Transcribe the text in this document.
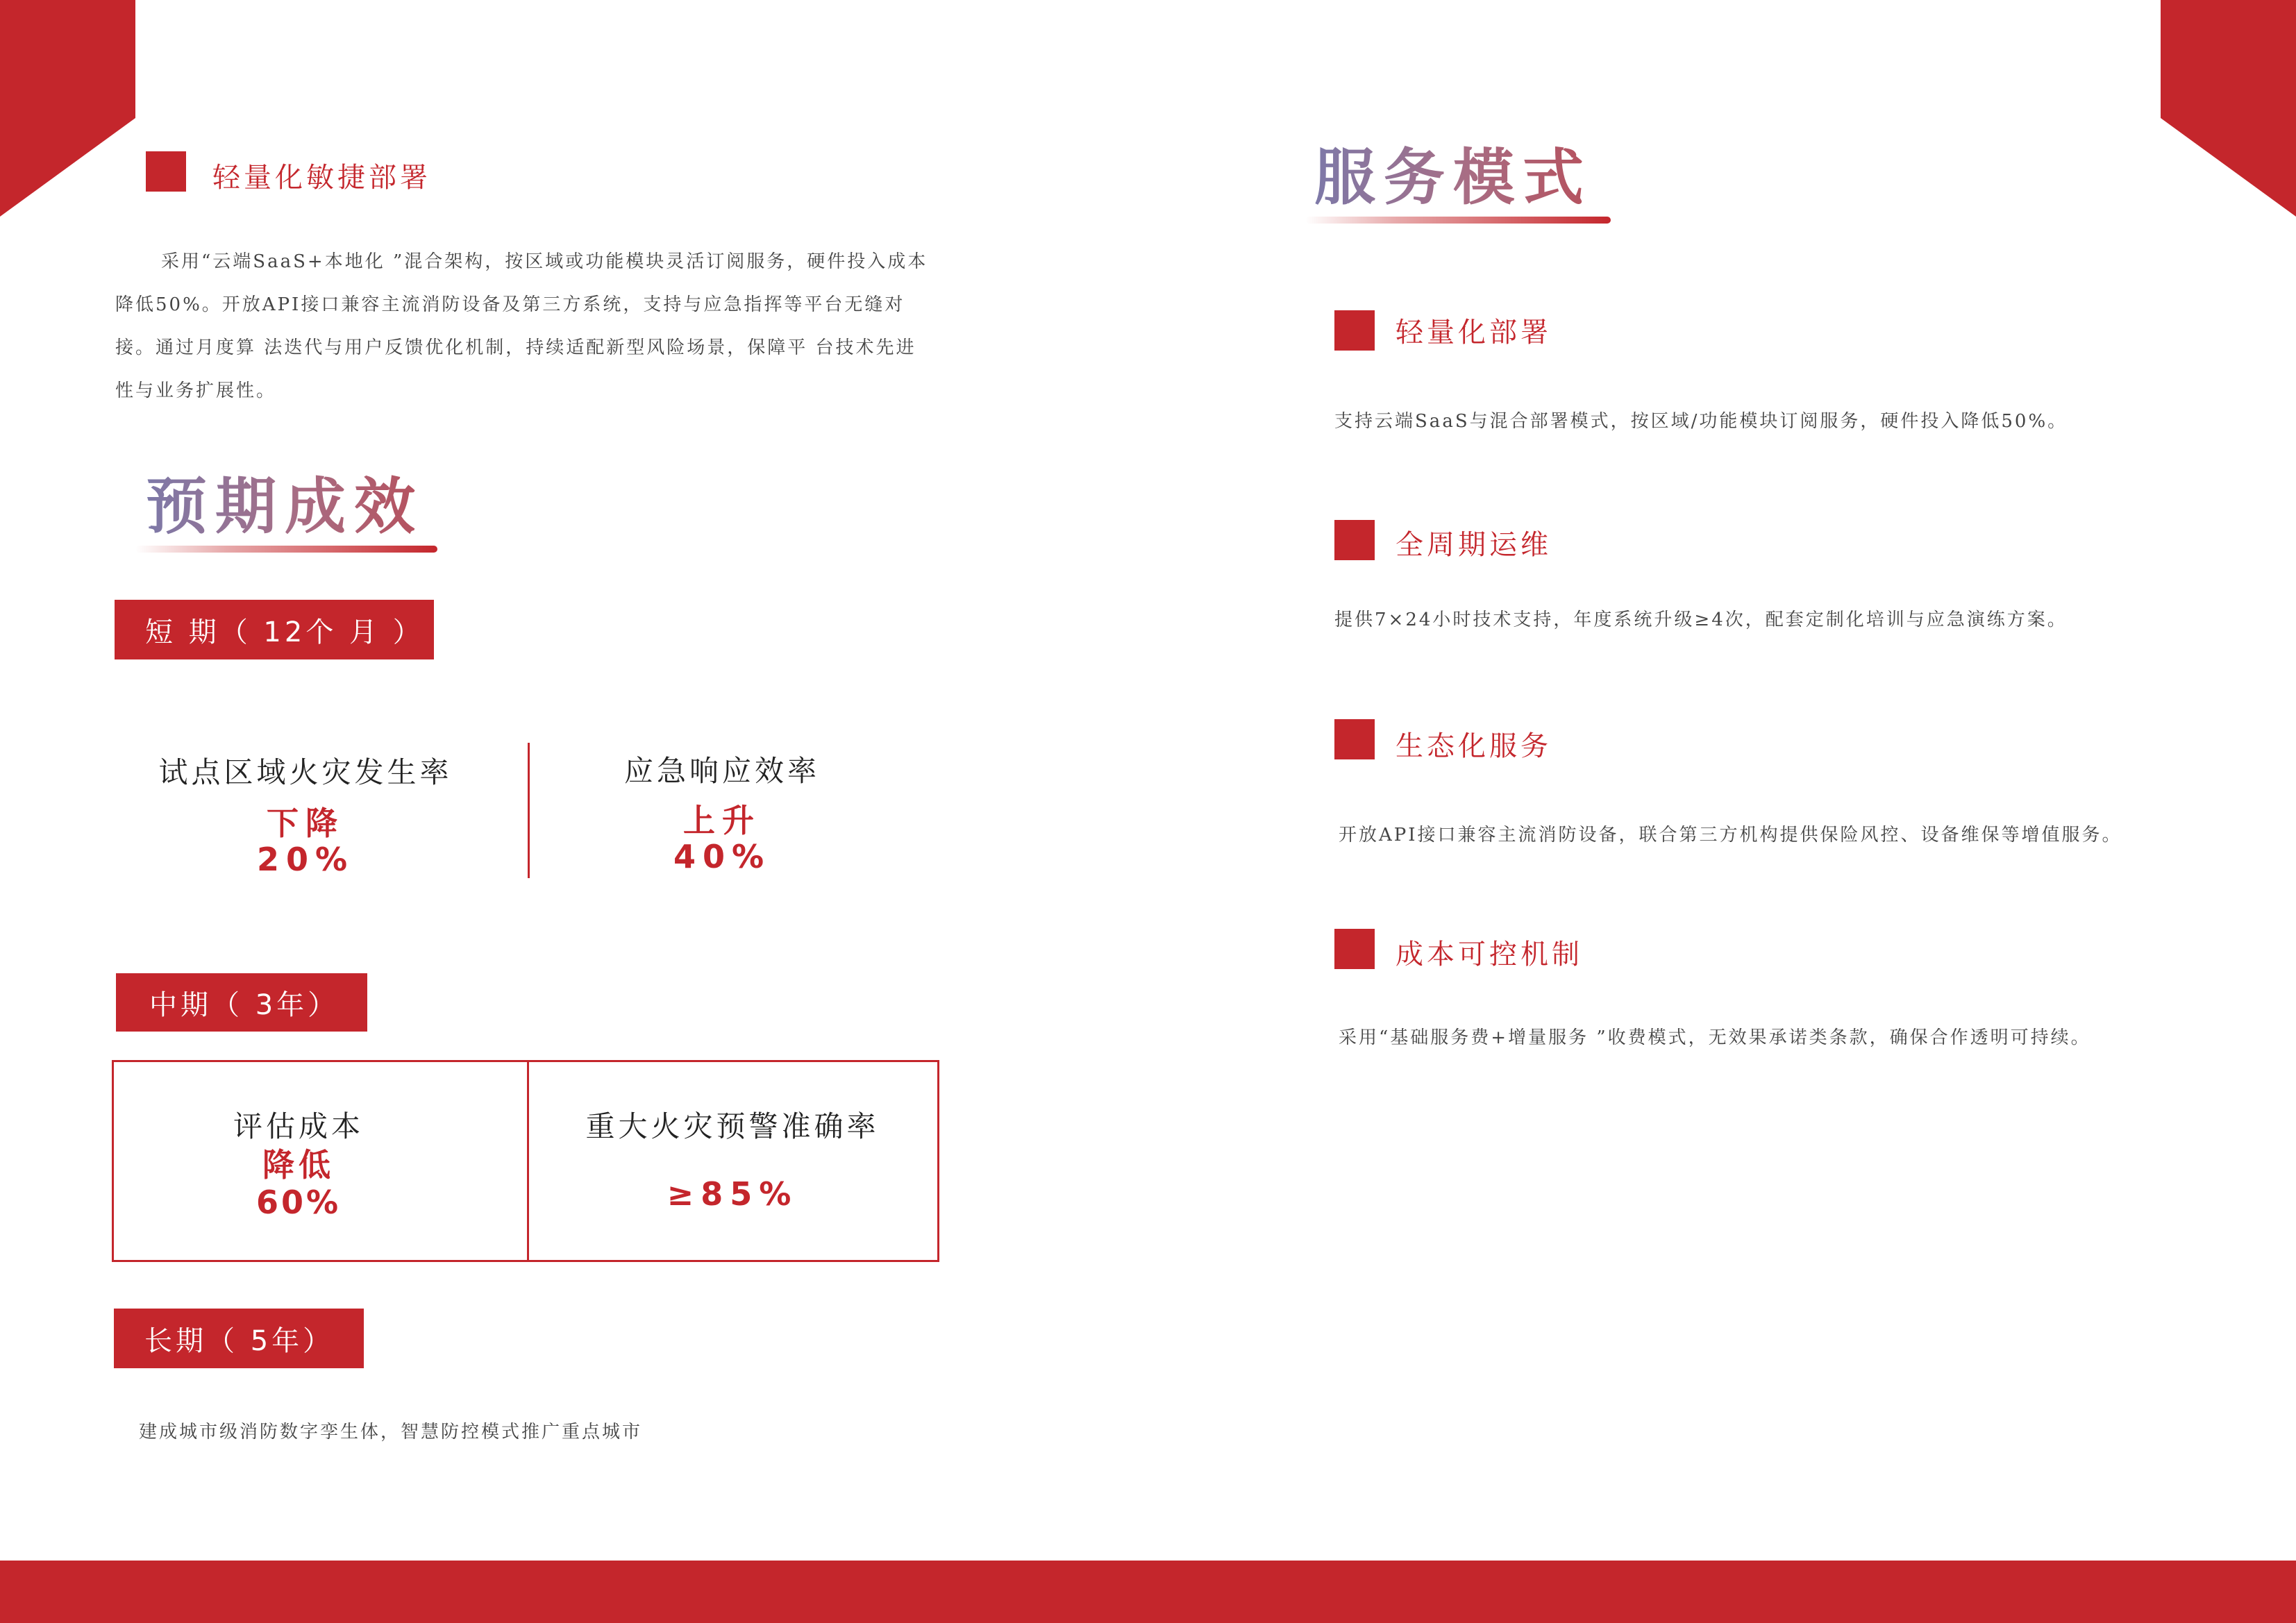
轻量化敏捷部署
采用“云端SaaS+本地化 ”混合架构，按区域或功能模块灵活订阅服务，硬件投入成本
降低50%。开放API接口兼容主流消防设备及第三方系统，支持与应急指挥等平台无缝对
接。通过月度算 法迭代与用户反馈优化机制，持续适配新型风险场景，保障平 台技术先进
性与业务扩展性。
预期成效
短 期（ 12个 月 ）
试点区域火灾发生率
下降
20%
应急响应效率
上升
40%
中期（ 3年）
评估成本
降低
60%
重大火灾预警准确率
≥85%
长期（ 5年）
建成城市级消防数字孪生体，智慧防控模式推广重点城市
服务模式
轻量化部署
支持云端SaaS与混合部署模式，按区域/功能模块订阅服务，硬件投入降低50%。
全周期运维
提供7×24小时技术支持，年度系统升级≥4次，配套定制化培训与应急演练方案。
生态化服务
开放API接口兼容主流消防设备，联合第三方机构提供保险风控、设备维保等增值服务。
成本可控机制
采用“基础服务费+增量服务 ”收费模式，无效果承诺类条款，确保合作透明可持续。
